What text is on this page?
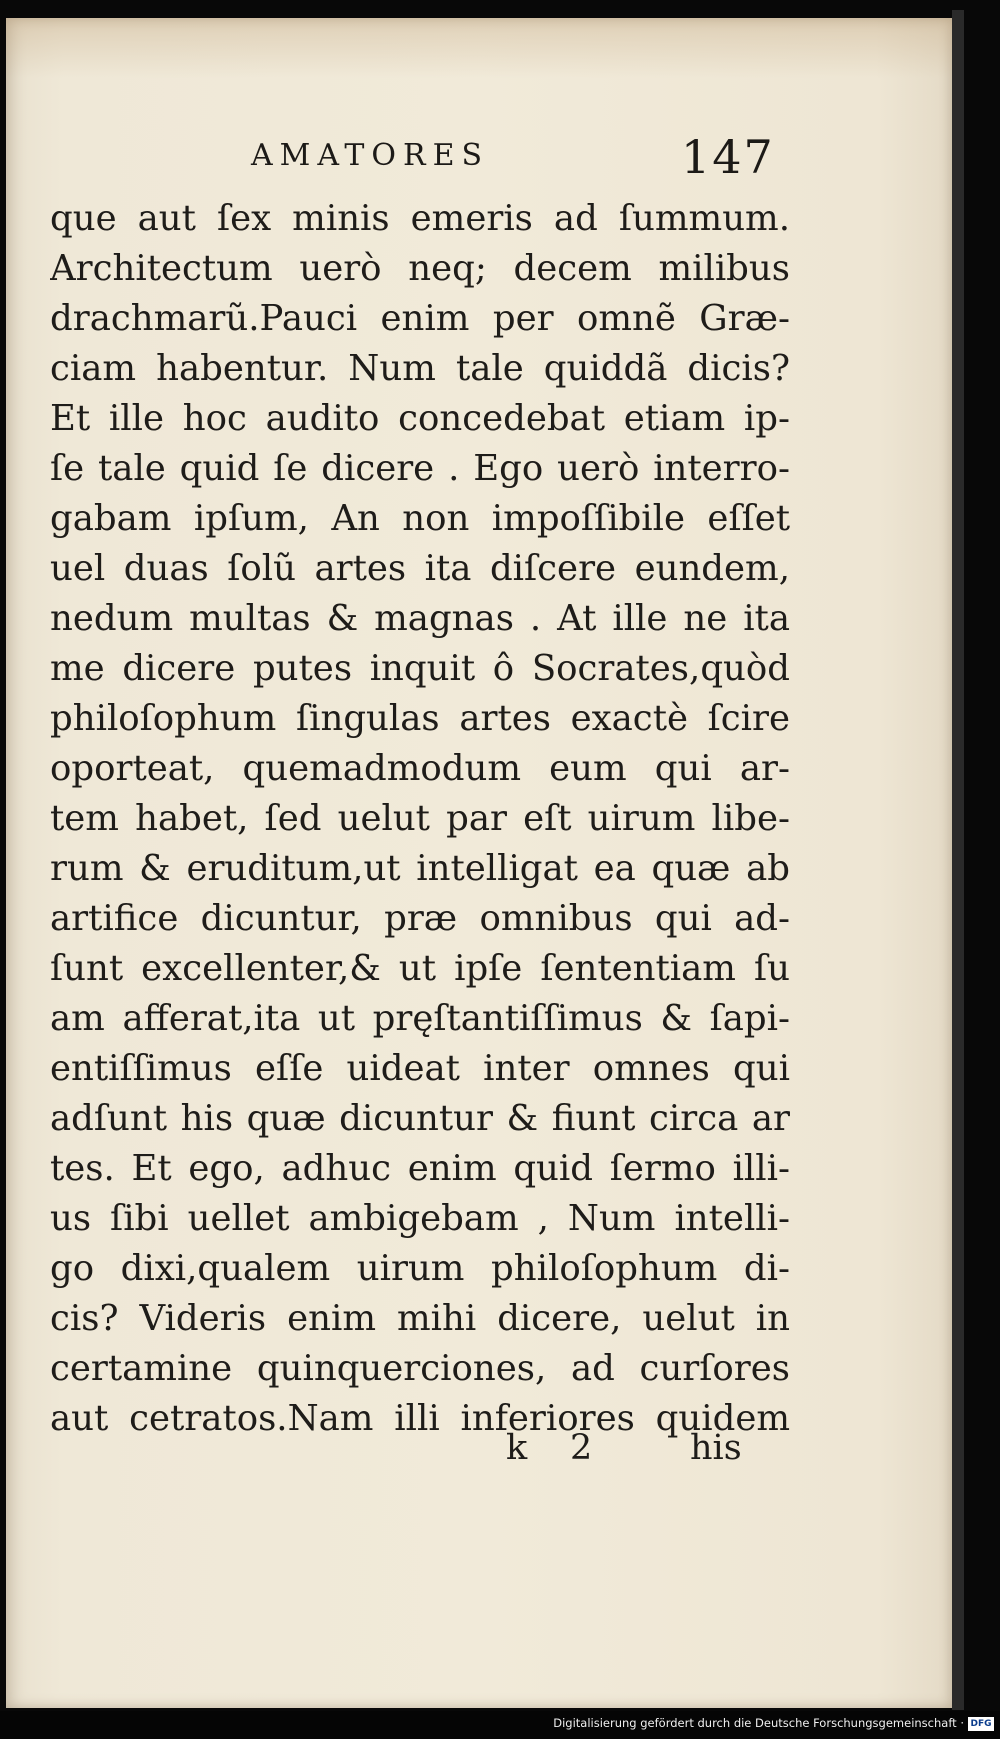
AMATORES	147
que aut ſex minis emeris ad ſummum.
Architectum uerò neq; decem milibus
drachmarũ.Pauci enim per omnẽ Græ-
ciam habentur. Num tale quiddã dicis?
Et ille hoc audito concedebat etiam ip-
ſe tale quid ſe dicere . Ego uerò interro-
gabam ipſum, An non impoſſibile eſſet
uel duas ſolũ artes ita diſcere eundem,
nedum multas & magnas . At ille ne ita
me dicere putes inquit ô Socrates,quòd
philoſophum ſingulas artes exactè ſcire
oporteat, quemadmodum eum qui ar-
tem habet, ſed uelut par eſt uirum libe-
rum & eruditum,ut intelligat ea quæ ab
artifice dicuntur, præ omnibus qui ad-
ſunt excellenter,& ut ipſe ſententiam ſu
am afferat,ita ut pręſtantiſſimus & ſapi-
entiſſimus eſſe uideat inter omnes qui
adſunt his quæ dicuntur & fiunt circa ar
tes. Et ego, adhuc enim quid ſermo illi-
us ſibi uellet ambigebam , Num intelli-
go dixi,qualem uirum philoſophum di-
cis? Videris enim mihi dicere, uelut in
certamine quinquerciones, ad curſores
aut cetratos.Nam illi inferiores quidem
k 2	his
Digitalisierung gefördert durch die Deutsche Forschungsgemeinschaft · DFG
